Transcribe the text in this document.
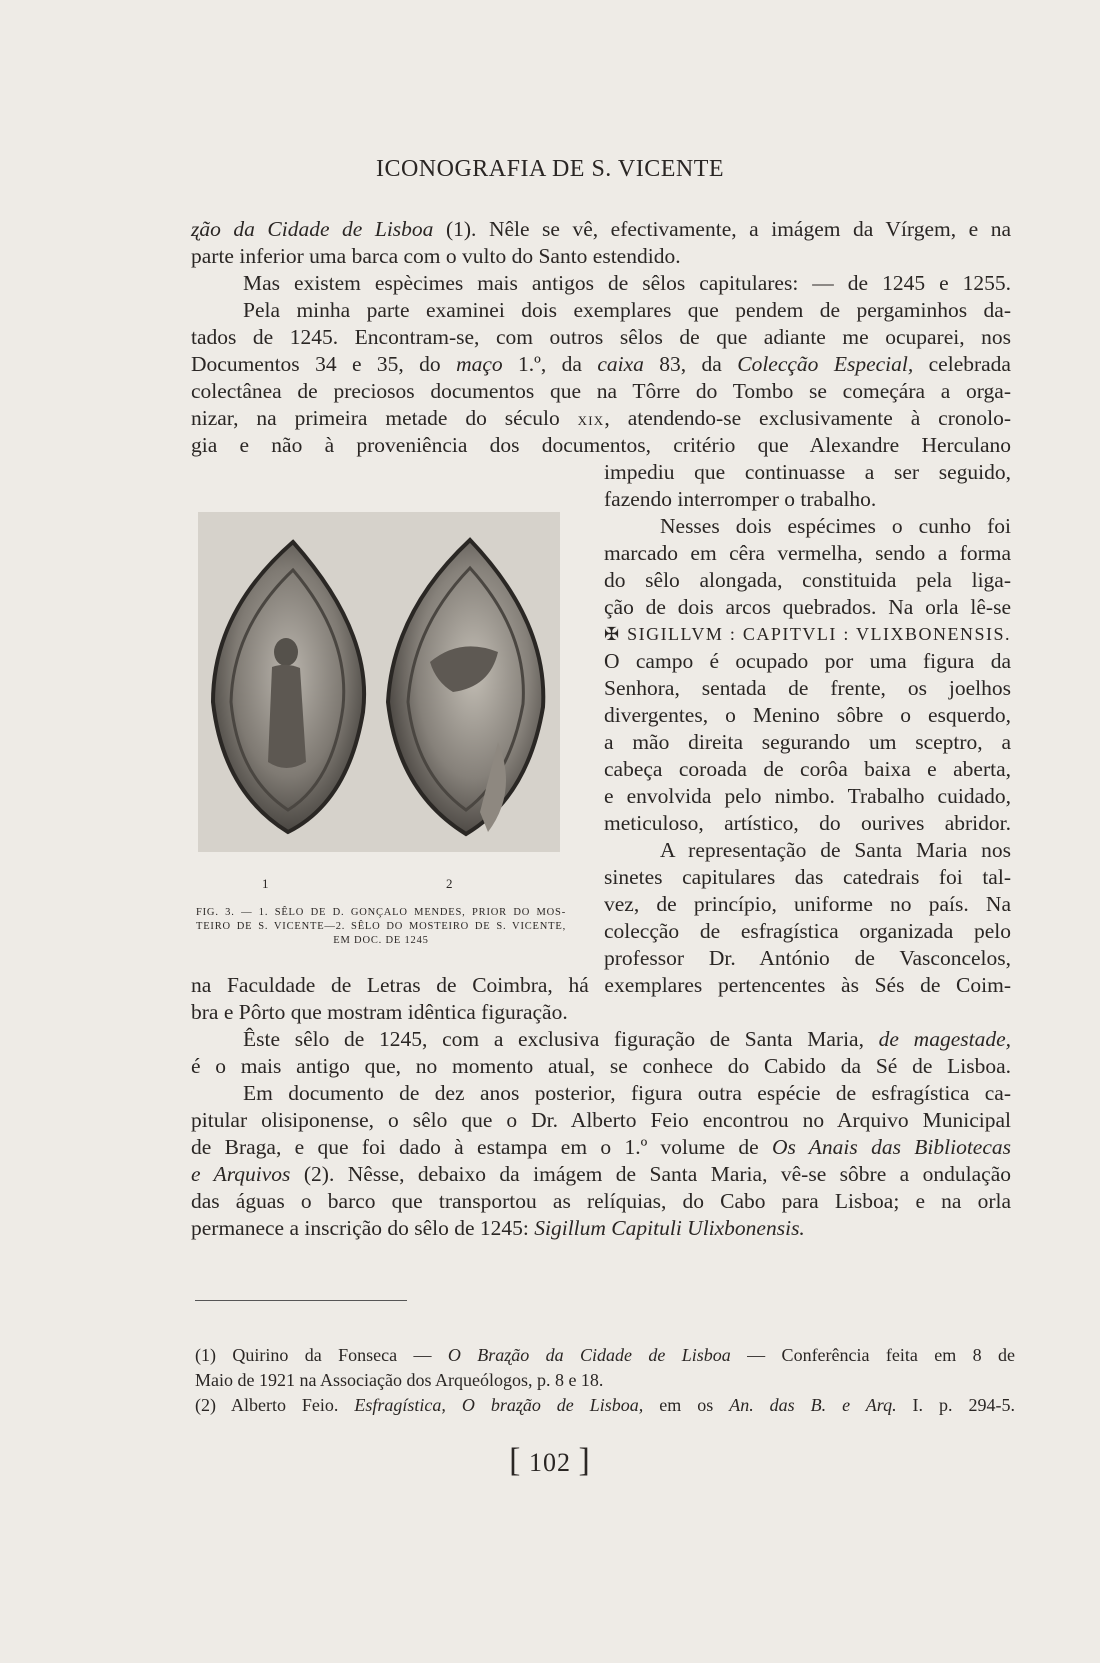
ICONOGRAFIA DE S. VICENTE
ʐão da Cidade de Lisboa (1). Nêle se vê, efectivamente, a imágem da Vírgem, e na
parte inferior uma barca com o vulto do Santo estendido.
Mas existem espècimes mais antigos de sêlos capitulares: — de 1245 e 1255.
Pela minha parte examinei dois exemplares que pendem de pergaminhos da-
tados de 1245. Encontram-se, com outros sêlos de que adiante me ocuparei, nos
Documentos 34 e 35, do maço 1.º, da caixa 83, da Colecção Especial, celebrada
colectânea de preciosos documentos que na Tôrre do Tombo se começára a orga-
nizar, na primeira metade do século xix, atendendo-se exclusivamente à cronolo-
gia e não à proveniência dos documentos, critério que Alexandre Herculano
impediu que continuasse a ser seguido,
fazendo interromper o trabalho.
Nesses dois espécimes o cunho foi
marcado em cêra vermelha, sendo a forma
do sêlo alongada, constituida pela liga-
ção de dois arcos quebrados. Na orla lê-se
✠ SIGILLVM : CAPITVLI : VLIXBONENSIS.
O campo é ocupado por uma figura da
Senhora, sentada de frente, os joelhos
divergentes, o Menino sôbre o esquerdo,
a mão direita segurando um sceptro, a
cabeça coroada de corôa baixa e aberta,
e envolvida pelo nimbo. Trabalho cuidado,
meticuloso, artístico, do ourives abridor.
A representação de Santa Maria nos
sinetes capitulares das catedrais foi tal-
vez, de princípio, uniforme no país. Na
colecção de esfragística organizada pelo
professor Dr. António de Vasconcelos,
na Faculdade de Letras de Coimbra, há exemplares pertencentes às Sés de Coim-
bra e Pôrto que mostram idêntica figuração.
Êste sêlo de 1245, com a exclusiva figuração de Santa Maria, de magestade,
é o mais antigo que, no momento atual, se conhece do Cabido da Sé de Lisboa.
Em documento de dez anos posterior, figura outra espécie de esfragística ca-
pitular olisiponense, o sêlo que o Dr. Alberto Feio encontrou no Arquivo Municipal
de Braga, e que foi dado à estampa em o 1.º volume de Os Anais das Bibliotecas
e Arquivos (2). Nêsse, debaixo da imágem de Santa Maria, vê-se sôbre a ondulação
das águas o barco que transportou as relíquias, do Cabo para Lisboa; e na orla
permanece a inscrição do sêlo de 1245: Sigillum Capituli Ulixbonensis.
1	2
FIG. 3. — 1. SÊLO DE D. GONÇALO MENDES, PRIOR DO MOS-
TEIRO DE S. VICENTE—2. SÊLO DO MOSTEIRO DE S. VICENTE,
EM DOC. DE 1245
(1) Quirino da Fonseca — O Braʐão da Cidade de Lisboa — Conferência feita em 8 de
Maio de 1921 na Associação dos Arqueólogos, p. 8 e 18.
(2) Alberto Feio. Esfragística, O braʐão de Lisboa, em os An. das B. e Arq. I. p. 294-5.
[ 102 ]
